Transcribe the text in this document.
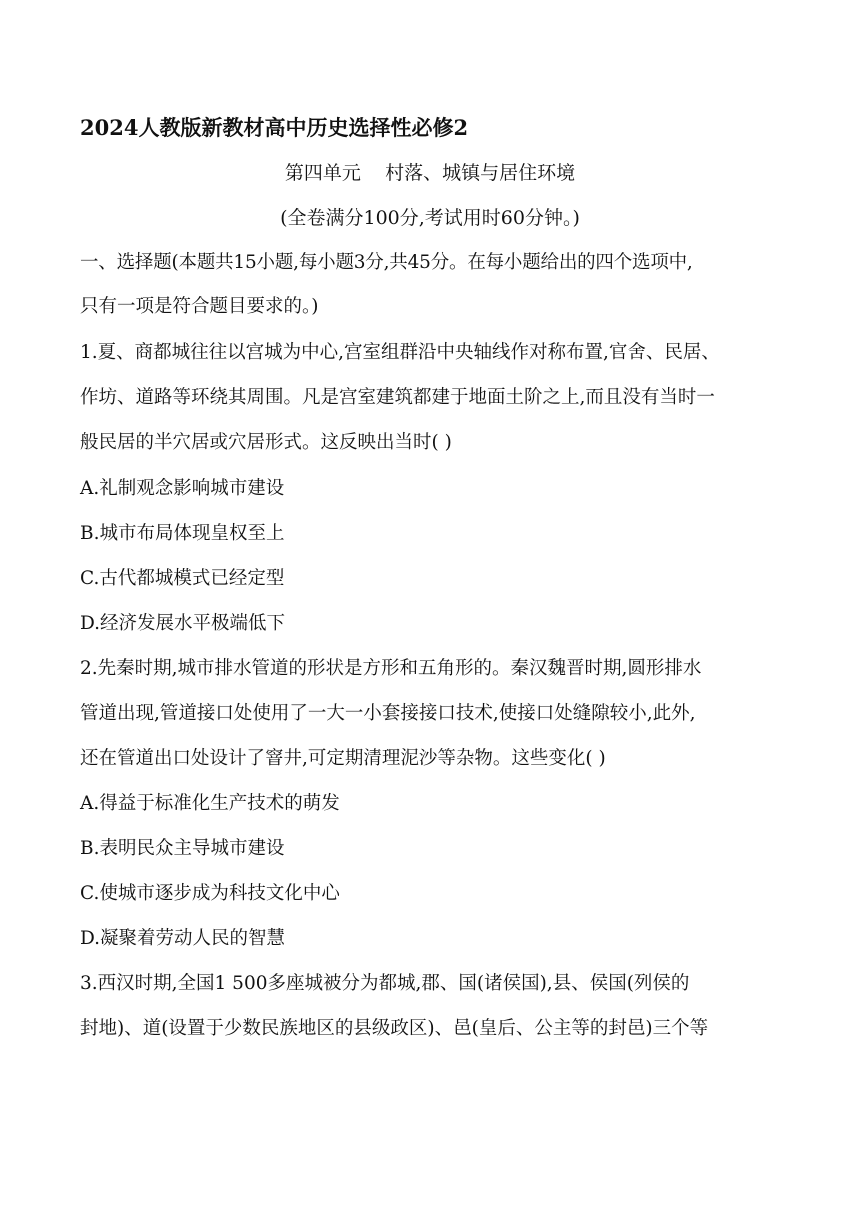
2024人教版新教材高中历史选择性必修2
第四单元    村落、城镇与居住环境
(全卷满分100分,考试用时60分钟。)
一、选择题(本题共15小题,每小题3分,共45分。在每小题给出的四个选项中,
只有一项是符合题目要求的。)
1.夏、商都城往往以宫城为中心,宫室组群沿中央轴线作对称布置,官舍、民居、
作坊、道路等环绕其周围。凡是宫室建筑都建于地面土阶之上,而且没有当时一
般民居的半穴居或穴居形式。这反映出当时( )
A.礼制观念影响城市建设
B.城市布局体现皇权至上
C.古代都城模式已经定型
D.经济发展水平极端低下
2.先秦时期,城市排水管道的形状是方形和五角形的。秦汉魏晋时期,圆形排水
管道出现,管道接口处使用了一大一小套接接口技术,使接口处缝隙较小,此外,
还在管道出口处设计了窨井,可定期清理泥沙等杂物。这些变化( )
A.得益于标准化生产技术的萌发
B.表明民众主导城市建设
C.使城市逐步成为科技文化中心
D.凝聚着劳动人民的智慧
3.西汉时期,全国1 500多座城被分为都城,郡、国(诸侯国),县、侯国(列侯的
封地)、道(设置于少数民族地区的县级政区)、邑(皇后、公主等的封邑)三个等
